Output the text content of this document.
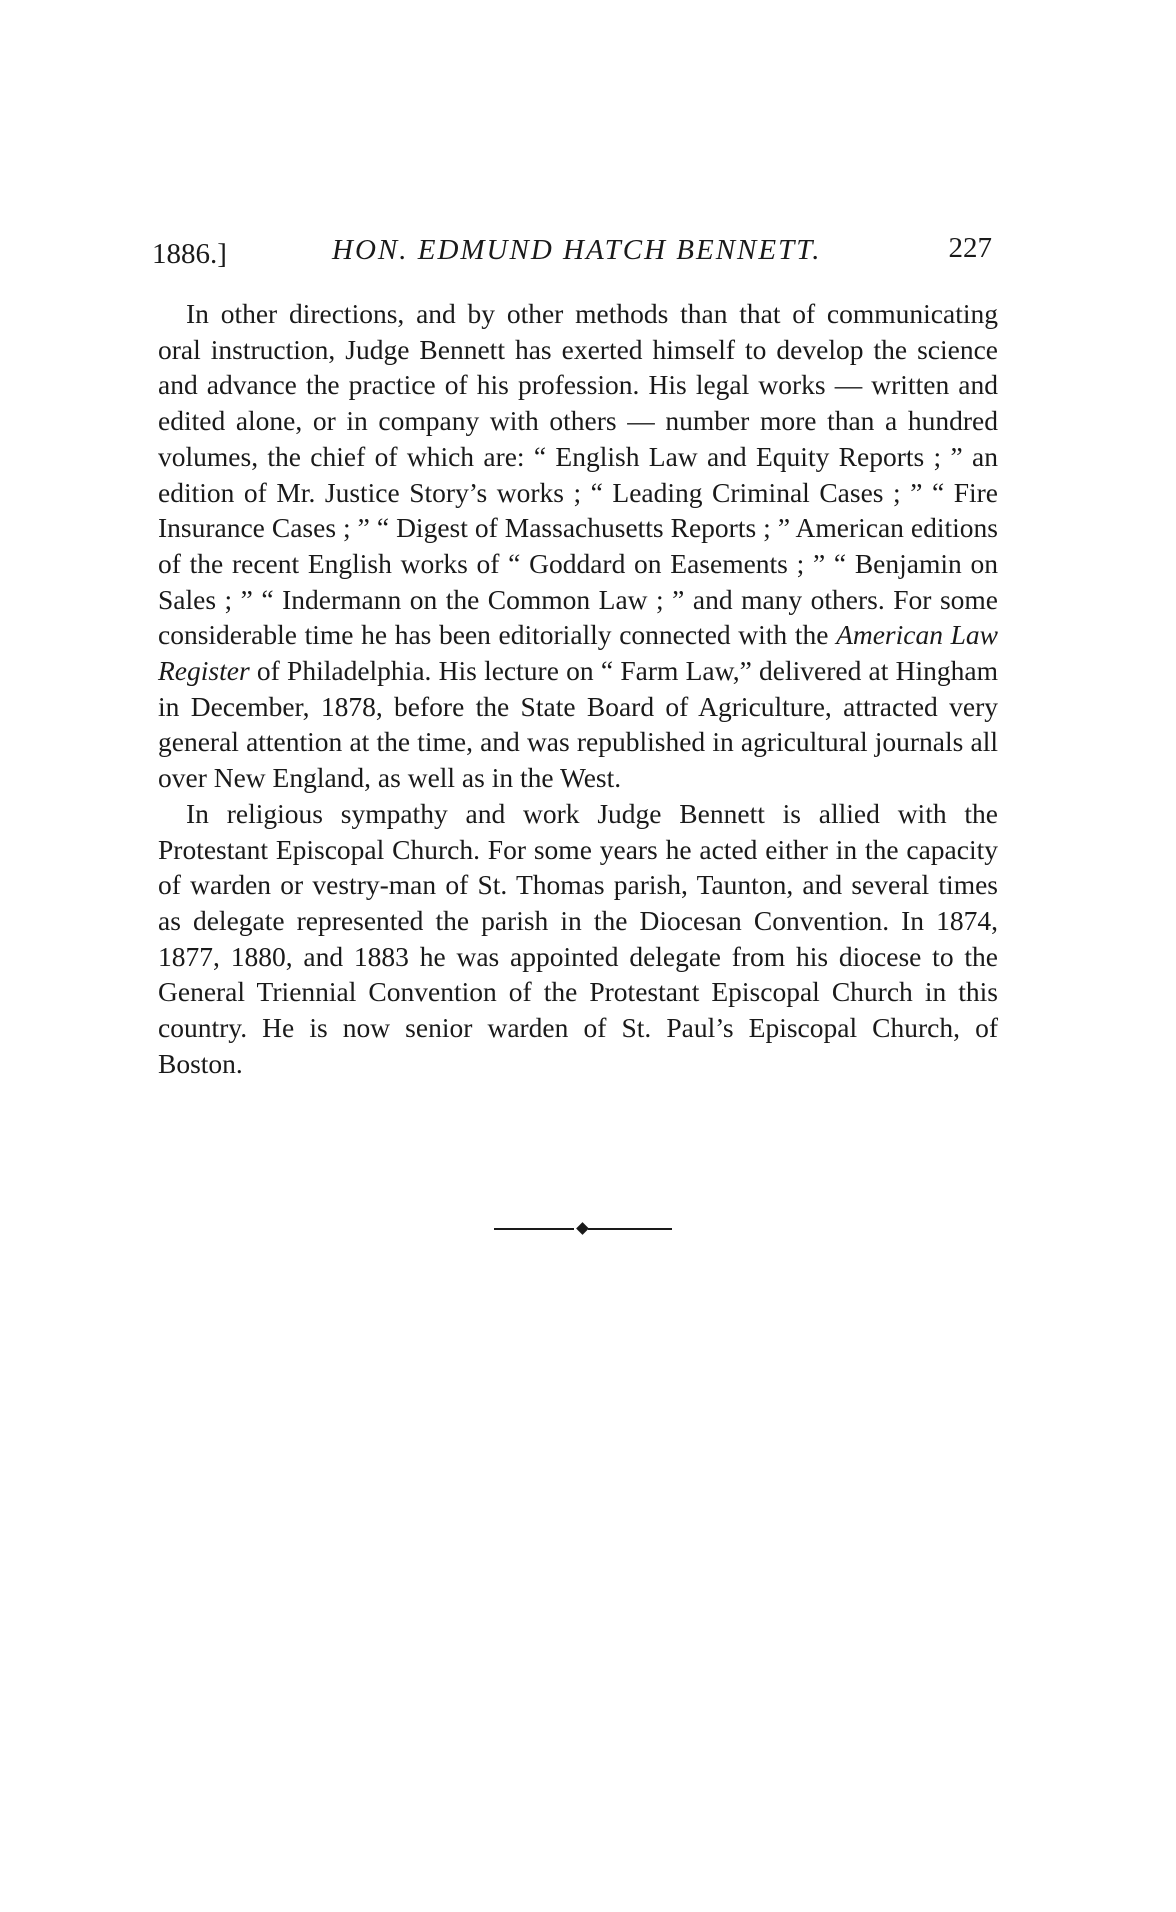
1886.]	HON. EDMUND HATCH BENNETT.	227

In other directions, and by other methods than that of communicating oral instruction, Judge Bennett has exerted himself to develop the science and advance the practice of his profession. His legal works — written and edited alone, or in company with others — number more than a hundred volumes, the chief of which are: “ English Law and Equity Reports ; ” an edition of Mr. Justice Story’s works ; “ Leading Criminal Cases ; ” “ Fire Insurance Cases ; ” “ Digest of Massachusetts Reports ; ” American editions of the recent English works of “ Goddard on Easements ; ” “ Benjamin on Sales ; ” “ Indermann on the Common Law ; ” and many others. For some considerable time he has been editorially connected with the American Law Register of Philadelphia. His lecture on “ Farm Law,” delivered at Hingham in December, 1878, before the State Board of Agriculture, attracted very general attention at the time, and was republished in agricultural journals all over New England, as well as in the West.

In religious sympathy and work Judge Bennett is allied with the Protestant Episcopal Church. For some years he acted either in the capacity of warden or vestry-man of St. Thomas parish, Taunton, and several times as delegate represented the parish in the Diocesan Convention. In 1874, 1877, 1880, and 1883 he was appointed delegate from his diocese to the General Triennial Convention of the Protestant Episcopal Church in this country. He is now senior warden of St. Paul’s Episcopal Church, of Boston.
